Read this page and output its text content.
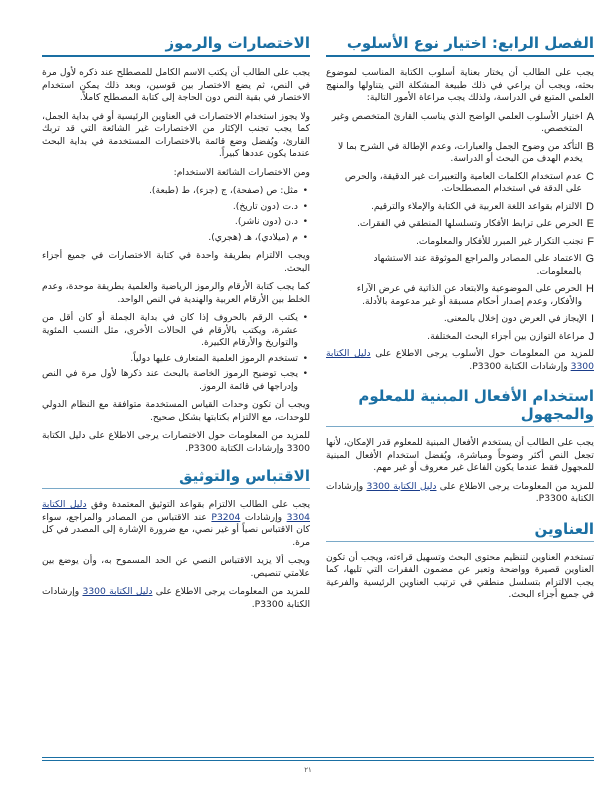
الفصل الرابع: اختيار نوع الأسلوب

يجب على الطالب أن يختار بعناية أسلوب الكتابة المناسب لموضوع بحثه، ويجب أن يراعي في ذلك طبيعة المشكلة التي يتناولها والمنهج العلمي المتبع في الدراسة، ولذلك يجب مراعاة الأمور التالية:

A
اختيار الأسلوب العلمي الواضح الذي يناسب القارئ المتخصص وغير المتخصص.
B
التأكد من وضوح الجمل والعبارات، وعدم الإطالة في الشرح بما لا يخدم الهدف من البحث أو الدراسة.
C
عدم استخدام الكلمات العامية والتعبيرات غير الدقيقة، والحرص على الدقة في استخدام المصطلحات.
D
الالتزام بقواعد اللغة العربية في الكتابة والإملاء والترقيم.
E
الحرص على ترابط الأفكار وتسلسلها المنطقي في الفقرات.
F
تجنب التكرار غير المبرر للأفكار والمعلومات.
G
الاعتماد على المصادر والمراجع الموثوقة عند الاستشهاد بالمعلومات.
H
الحرص على الموضوعية والابتعاد عن الذاتية في عرض الآراء والأفكار، وعدم إصدار أحكام مسبقة أو غير مدعومة بالأدلة.
I
الإيجاز في العرض دون إخلال بالمعنى.
J
مراعاة التوازن بين أجزاء البحث المختلفة.

للمزيد من المعلومات حول الأسلوب يرجى الاطلاع على دليل الكتابة 3300 وإرشادات الكتابة P3300.

استخدام الأفعال المبنية للمعلوم والمجهول

يجب على الطالب أن يستخدم الأفعال المبنية للمعلوم قدر الإمكان، لأنها تجعل النص أكثر وضوحاً ومباشرة، ويُفضل استخدام الأفعال المبنية للمجهول فقط عندما يكون الفاعل غير معروف أو غير مهم.

للمزيد من المعلومات يرجى الاطلاع على دليل الكتابة 3300 وإرشادات الكتابة P3300.

العناوين

تستخدم العناوين لتنظيم محتوى البحث وتسهيل قراءته، ويجب أن تكون العناوين قصيرة وواضحة وتعبر عن مضمون الفقرات التي تليها، كما يجب الالتزام بتسلسل منطقي في ترتيب العناوين الرئيسية والفرعية في جميع أجزاء البحث.

الاختصارات والرموز

يجب على الطالب أن يكتب الاسم الكامل للمصطلح عند ذكره لأول مرة في النص، ثم يضع الاختصار بين قوسين، وبعد ذلك يمكن استخدام الاختصار في بقية النص دون الحاجة إلى كتابة المصطلح كاملاً.

ولا يجوز استخدام الاختصارات في العناوين الرئيسية أو في بداية الجمل، كما يجب تجنب الإكثار من الاختصارات غير الشائعة التي قد تربك القارئ، ويُفضل وضع قائمة بالاختصارات المستخدمة في بداية البحث عندما يكون عددها كبيراً.

ومن الاختصارات الشائعة الاستخدام:

• مثل: ص (صفحة)، ج (جزء)، ط (طبعة).
• د.ت (دون تاريخ).
• د.ن (دون ناشر).
• م (ميلادي)، هـ (هجري).

ويجب الالتزام بطريقة واحدة في كتابة الاختصارات في جميع أجزاء البحث.

كما يجب كتابة الأرقام والرموز الرياضية والعلمية بطريقة موحدة، وعدم الخلط بين الأرقام العربية والهندية في النص الواحد.

• يكتب الرقم بالحروف إذا كان في بداية الجملة أو كان أقل من عشرة، ويكتب بالأرقام في الحالات الأخرى، مثل النسب المئوية والتواريخ والأرقام الكبيرة.
• تستخدم الرموز العلمية المتعارف عليها دولياً.
• يجب توضيح الرموز الخاصة بالبحث عند ذكرها لأول مرة في النص وإدراجها في قائمة الرموز.

ويجب أن تكون وحدات القياس المستخدمة متوافقة مع النظام الدولي للوحدات، مع الالتزام بكتابتها بشكل صحيح.

للمزيد من المعلومات حول الاختصارات يرجى الاطلاع على دليل الكتابة 3300 وإرشادات الكتابة P3300.

الاقتباس والتوثيق

يجب على الطالب الالتزام بقواعد التوثيق المعتمدة وفق دليل الكتابة 3304 وإرشادات P3204 عند الاقتباس من المصادر والمراجع، سواء كان الاقتباس نصياً أو غير نصي، مع ضرورة الإشارة إلى المصدر في كل مرة.

ويجب ألا يزيد الاقتباس النصي عن الحد المسموح به، وأن يوضع بين علامتي تنصيص.

للمزيد من المعلومات يرجى الاطلاع على دليل الكتابة 3300 وإرشادات الكتابة P3300.

٢١
